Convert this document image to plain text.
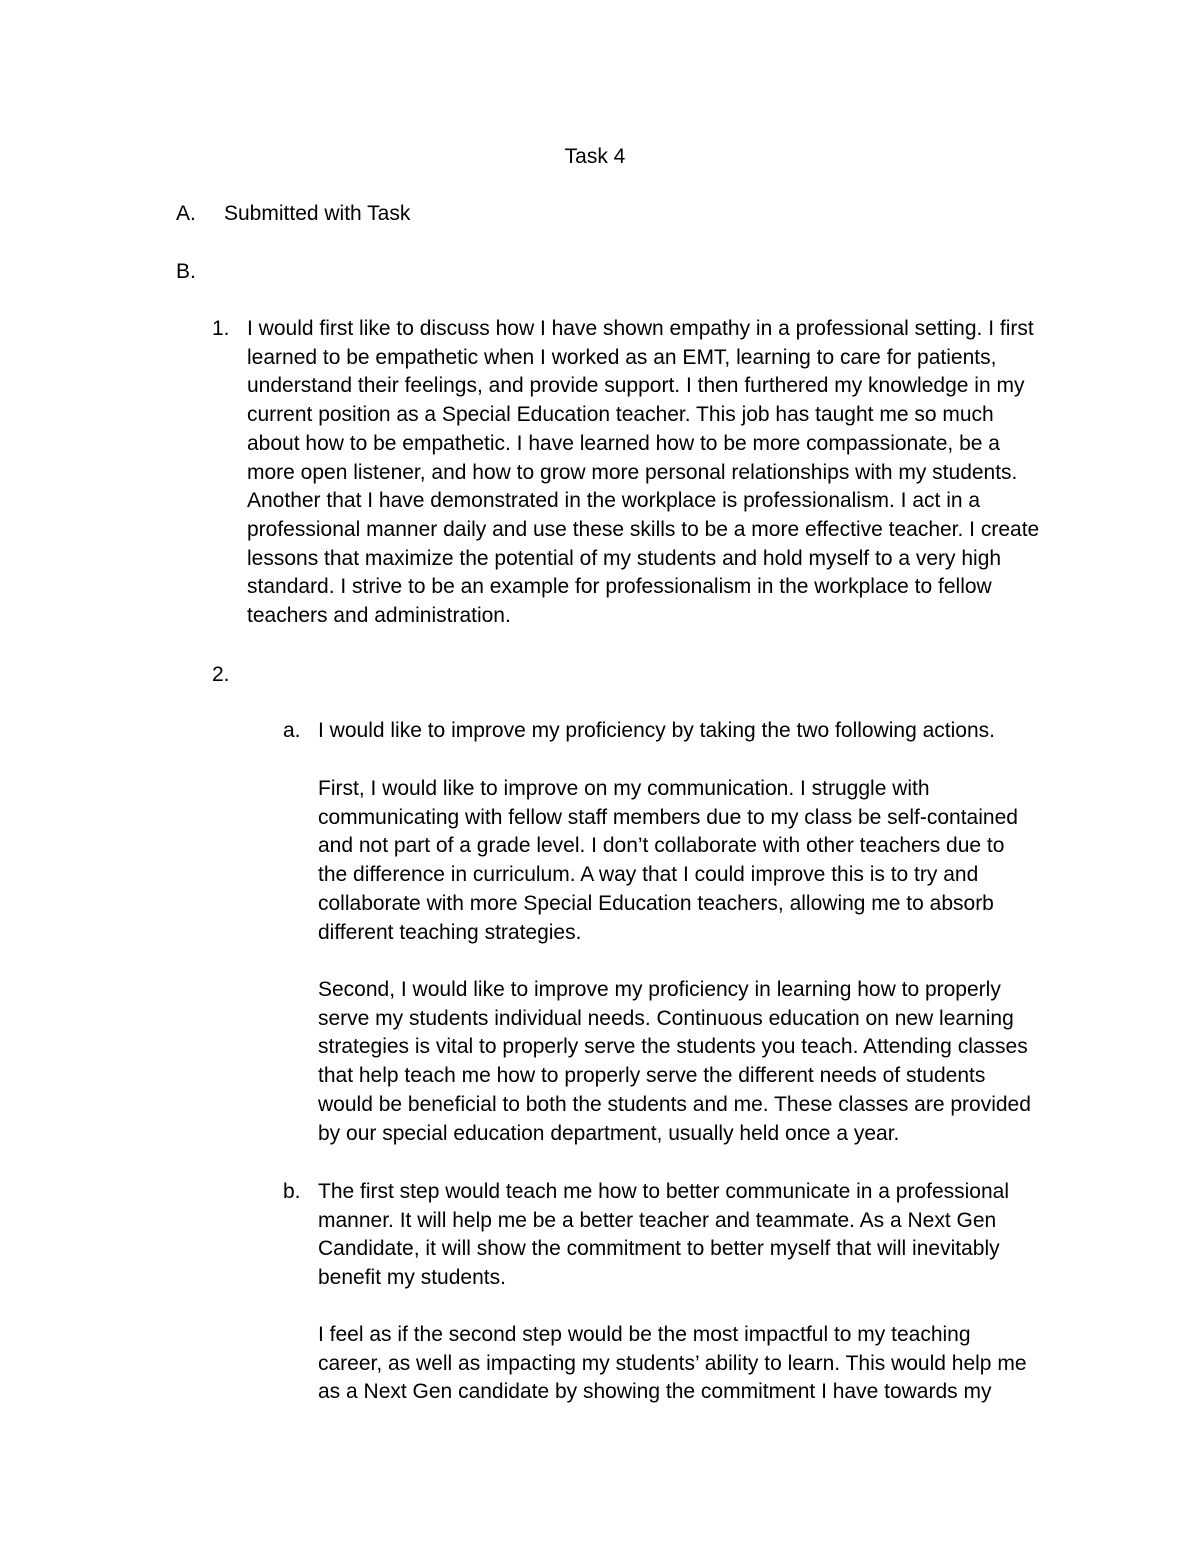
Task 4
A. Submitted with Task
B.
1. I would first like to discuss how I have shown empathy in a professional setting. I first
learned to be empathetic when I worked as an EMT, learning to care for patients,
understand their feelings, and provide support. I then furthered my knowledge in my
current position as a Special Education teacher. This job has taught me so much
about how to be empathetic. I have learned how to be more compassionate, be a
more open listener, and how to grow more personal relationships with my students.
Another that I have demonstrated in the workplace is professionalism. I act in a
professional manner daily and use these skills to be a more effective teacher. I create
lessons that maximize the potential of my students and hold myself to a very high
standard. I strive to be an example for professionalism in the workplace to fellow
teachers and administration.
2.
a. I would like to improve my proficiency by taking the two following actions.
First, I would like to improve on my communication. I struggle with
communicating with fellow staff members due to my class be self-contained
and not part of a grade level. I don’t collaborate with other teachers due to
the difference in curriculum. A way that I could improve this is to try and
collaborate with more Special Education teachers, allowing me to absorb
different teaching strategies.
Second, I would like to improve my proficiency in learning how to properly
serve my students individual needs. Continuous education on new learning
strategies is vital to properly serve the students you teach. Attending classes
that help teach me how to properly serve the different needs of students
would be beneficial to both the students and me. These classes are provided
by our special education department, usually held once a year.
b. The first step would teach me how to better communicate in a professional
manner. It will help me be a better teacher and teammate. As a Next Gen
Candidate, it will show the commitment to better myself that will inevitably
benefit my students.
I feel as if the second step would be the most impactful to my teaching
career, as well as impacting my students’ ability to learn. This would help me
as a Next Gen candidate by showing the commitment I have towards my
